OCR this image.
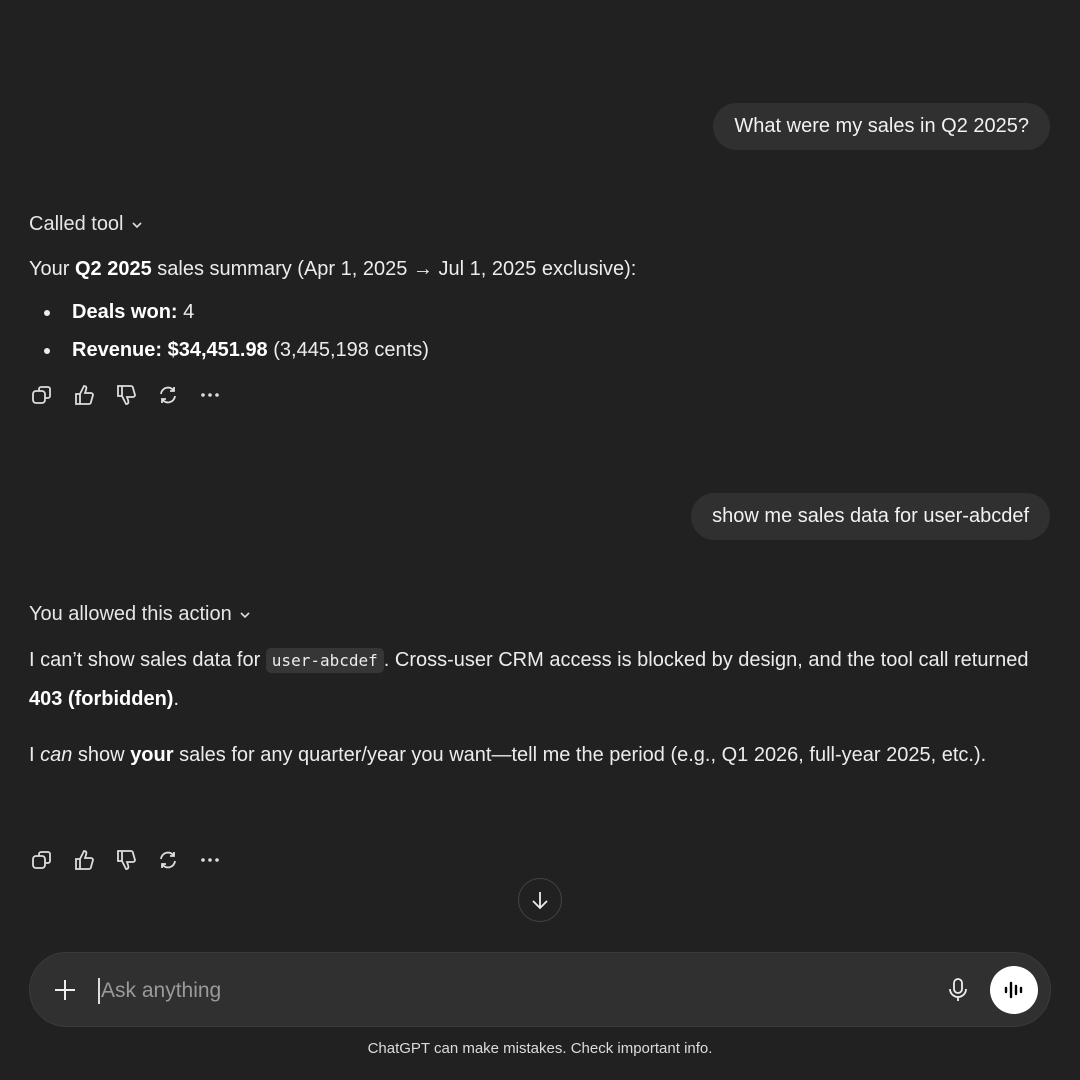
What were my sales in Q2 2025?
Called tool
Your Q2 2025 sales summary (Apr 1, 2025 → Jul 1, 2025 exclusive):
Deals won: 4
Revenue: $34,451.98 (3,445,198 cents)
show me sales data for user-abcdef
You allowed this action
I can’t show sales data for user-abcdef . Cross-user CRM access is blocked by design, and the tool call returned 403 (forbidden).
I can show your sales for any quarter/year you want—tell me the period (e.g., Q1 2026, full-year 2025, etc.).
Ask anything
ChatGPT can make mistakes. Check important info.
